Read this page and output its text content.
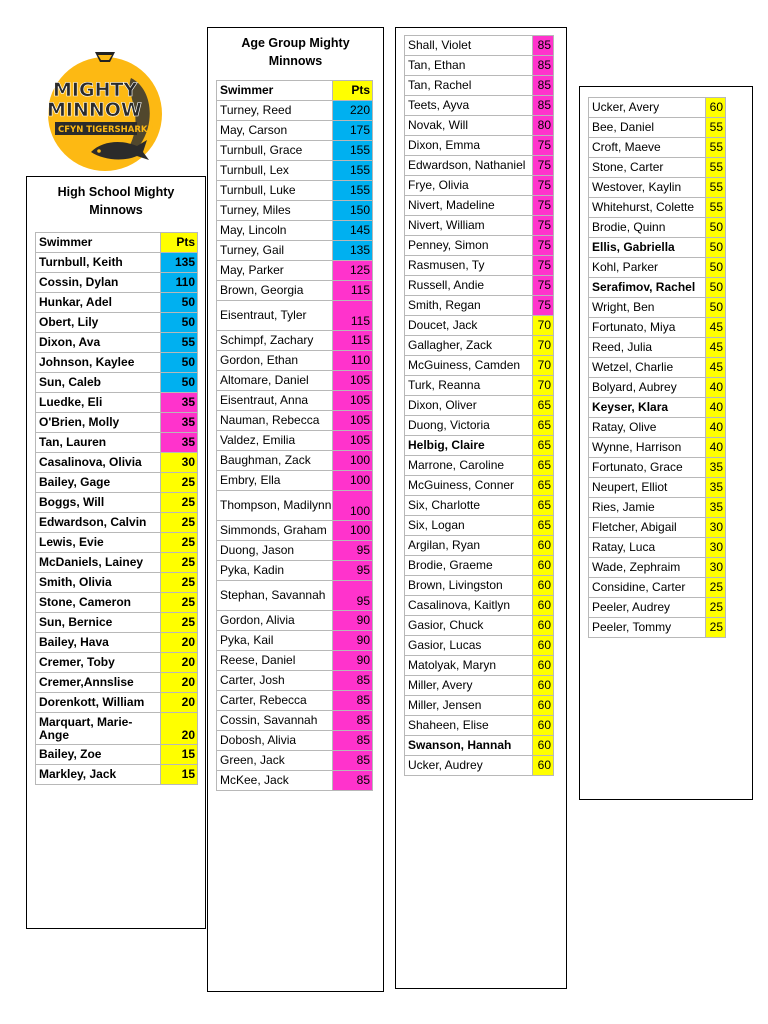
MIGHTY
MINNOW
CFYN TIGERSHARKS
High School Mighty Minnows
Swimmer	Pts
Turnbull, Keith	135
Cossin, Dylan	110
Hunkar, Adel	50
Obert, Lily	50
Dixon, Ava	55
Johnson, Kaylee	50
Sun, Caleb	50
Luedke, Eli	35
O'Brien, Molly	35
Tan, Lauren	35
Casalinova, Olivia	30
Bailey, Gage	25
Boggs, Will	25
Edwardson, Calvin	25
Lewis, Evie	25
McDaniels, Lainey	25
Smith, Olivia	25
Stone, Cameron	25
Sun, Bernice	25
Bailey, Hava	20
Cremer, Toby	20
Cremer,Annslise	20
Dorenkott, William	20
Marquart, Marie-Ange	20
Bailey, Zoe	15
Markley, Jack	15
Age Group Mighty Minnows
Swimmer	Pts
Turney, Reed	220
May, Carson	175
Turnbull, Grace	155
Turnbull, Lex	155
Turnbull, Luke	155
Turney, Miles	150
May, Lincoln	145
Turney, Gail	135
May, Parker	125
Brown, Georgia	115
Eisentraut, Tyler	115
Schimpf, Zachary	115
Gordon, Ethan	110
Altomare, Daniel	105
Eisentraut, Anna	105
Nauman, Rebecca	105
Valdez, Emilia	105
Baughman, Zack	100
Embry, Ella	100
Thompson, Madilynn	100
Simmonds, Graham	100
Duong, Jason	95
Pyka, Kadin	95
Stephan, Savannah	95
Gordon, Alivia	90
Pyka, Kail	90
Reese, Daniel	90
Carter, Josh	85
Carter, Rebecca	85
Cossin, Savannah	85
Dobosh, Alivia	85
Green, Jack	85
McKee, Jack	85
Shall, Violet	85
Tan, Ethan	85
Tan, Rachel	85
Teets, Ayva	85
Novak, Will	80
Dixon, Emma	75
Edwardson, Nathaniel	75
Frye, Olivia	75
Nivert, Madeline	75
Nivert, William	75
Penney, Simon	75
Rasmusen, Ty	75
Russell, Andie	75
Smith, Regan	75
Doucet, Jack	70
Gallagher, Zack	70
McGuiness, Camden	70
Turk, Reanna	70
Dixon, Oliver	65
Duong, Victoria	65
Helbig, Claire	65
Marrone, Caroline	65
McGuiness, Conner	65
Six, Charlotte	65
Six, Logan	65
Argilan, Ryan	60
Brodie, Graeme	60
Brown, Livingston	60
Casalinova, Kaitlyn	60
Gasior, Chuck	60
Gasior, Lucas	60
Matolyak, Maryn	60
Miller, Avery	60
Miller, Jensen	60
Shaheen, Elise	60
Swanson, Hannah	60
Ucker, Audrey	60
Ucker, Avery	60
Bee, Daniel	55
Croft, Maeve	55
Stone, Carter	55
Westover, Kaylin	55
Whitehurst, Colette	55
Brodie, Quinn	50
Ellis, Gabriella	50
Kohl, Parker	50
Serafimov, Rachel	50
Wright, Ben	50
Fortunato, Miya	45
Reed, Julia	45
Wetzel, Charlie	45
Bolyard, Aubrey	40
Keyser, Klara	40
Ratay, Olive	40
Wynne, Harrison	40
Fortunato, Grace	35
Neupert, Elliot	35
Ries, Jamie	35
Fletcher, Abigail	30
Ratay, Luca	30
Wade, Zephraim	30
Considine, Carter	25
Peeler, Audrey	25
Peeler, Tommy	25
